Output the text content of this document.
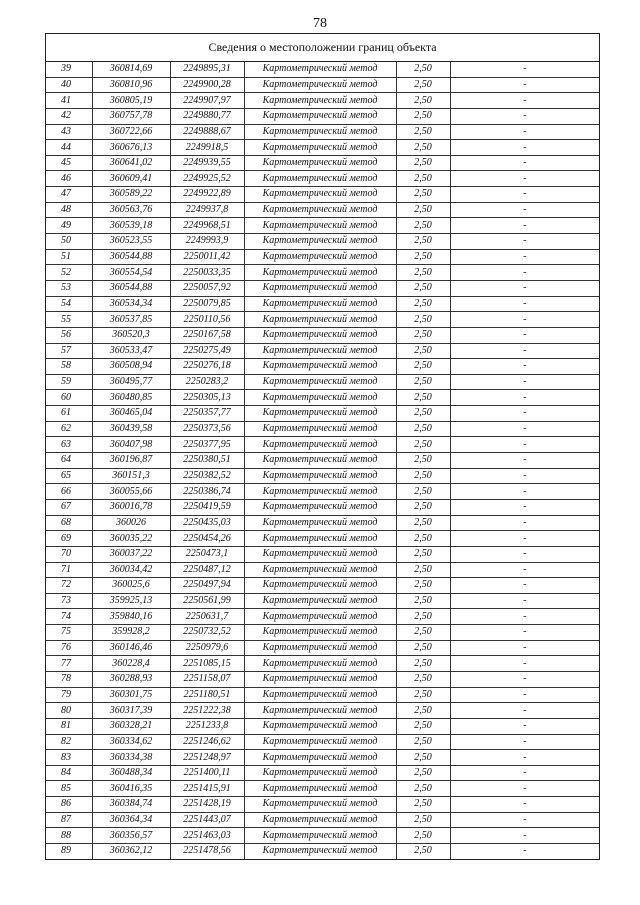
78
Сведения о местоположении границ объекта
39	360814,69	2249895,31	Картометрический метод	2,50	-
40	360810,96	2249900,28	Картометрический метод	2,50	-
41	360805,19	2249907,97	Картометрический метод	2,50	-
42	360757,78	2249880,77	Картометрический метод	2,50	-
43	360722,66	2249888,67	Картометрический метод	2,50	-
44	360676,13	2249918,5	Картометрический метод	2,50	-
45	360641,02	2249939,55	Картометрический метод	2,50	-
46	360609,41	2249925,52	Картометрический метод	2,50	-
47	360589,22	2249922,89	Картометрический метод	2,50	-
48	360563,76	2249937,8	Картометрический метод	2,50	-
49	360539,18	2249968,51	Картометрический метод	2,50	-
50	360523,55	2249993,9	Картометрический метод	2,50	-
51	360544,88	2250011,42	Картометрический метод	2,50	-
52	360554,54	2250033,35	Картометрический метод	2,50	-
53	360544,88	2250057,92	Картометрический метод	2,50	-
54	360534,34	2250079,85	Картометрический метод	2,50	-
55	360537,85	2250110,56	Картометрический метод	2,50	-
56	360520,3	2250167,58	Картометрический метод	2,50	-
57	360533,47	2250275,49	Картометрический метод	2,50	-
58	360508,94	2250276,18	Картометрический метод	2,50	-
59	360495,77	2250283,2	Картометрический метод	2,50	-
60	360480,85	2250305,13	Картометрический метод	2,50	-
61	360465,04	2250357,77	Картометрический метод	2,50	-
62	360439,58	2250373,56	Картометрический метод	2,50	-
63	360407,98	2250377,95	Картометрический метод	2,50	-
64	360196,87	2250380,51	Картометрический метод	2,50	-
65	360151,3	2250382,52	Картометрический метод	2,50	-
66	360055,66	2250386,74	Картометрический метод	2,50	-
67	360016,78	2250419,59	Картометрический метод	2,50	-
68	360026	2250435,03	Картометрический метод	2,50	-
69	360035,22	2250454,26	Картометрический метод	2,50	-
70	360037,22	2250473,1	Картометрический метод	2,50	-
71	360034,42	2250487,12	Картометрический метод	2,50	-
72	360025,6	2250497,94	Картометрический метод	2,50	-
73	359925,13	2250561,99	Картометрический метод	2,50	-
74	359840,16	2250631,7	Картометрический метод	2,50	-
75	359928,2	2250732,52	Картометрический метод	2,50	-
76	360146,46	2250979,6	Картометрический метод	2,50	-
77	360228,4	2251085,15	Картометрический метод	2,50	-
78	360288,93	2251158,07	Картометрический метод	2,50	-
79	360301,75	2251180,51	Картометрический метод	2,50	-
80	360317,39	2251222,38	Картометрический метод	2,50	-
81	360328,21	2251233,8	Картометрический метод	2,50	-
82	360334,62	2251246,62	Картометрический метод	2,50	-
83	360334,38	2251248,97	Картометрический метод	2,50	-
84	360488,34	2251400,11	Картометрический метод	2,50	-
85	360416,35	2251415,91	Картометрический метод	2,50	-
86	360384,74	2251428,19	Картометрический метод	2,50	-
87	360364,34	2251443,07	Картометрический метод	2,50	-
88	360356,57	2251463,03	Картометрический метод	2,50	-
89	360362,12	2251478,56	Картометрический метод	2,50	-
